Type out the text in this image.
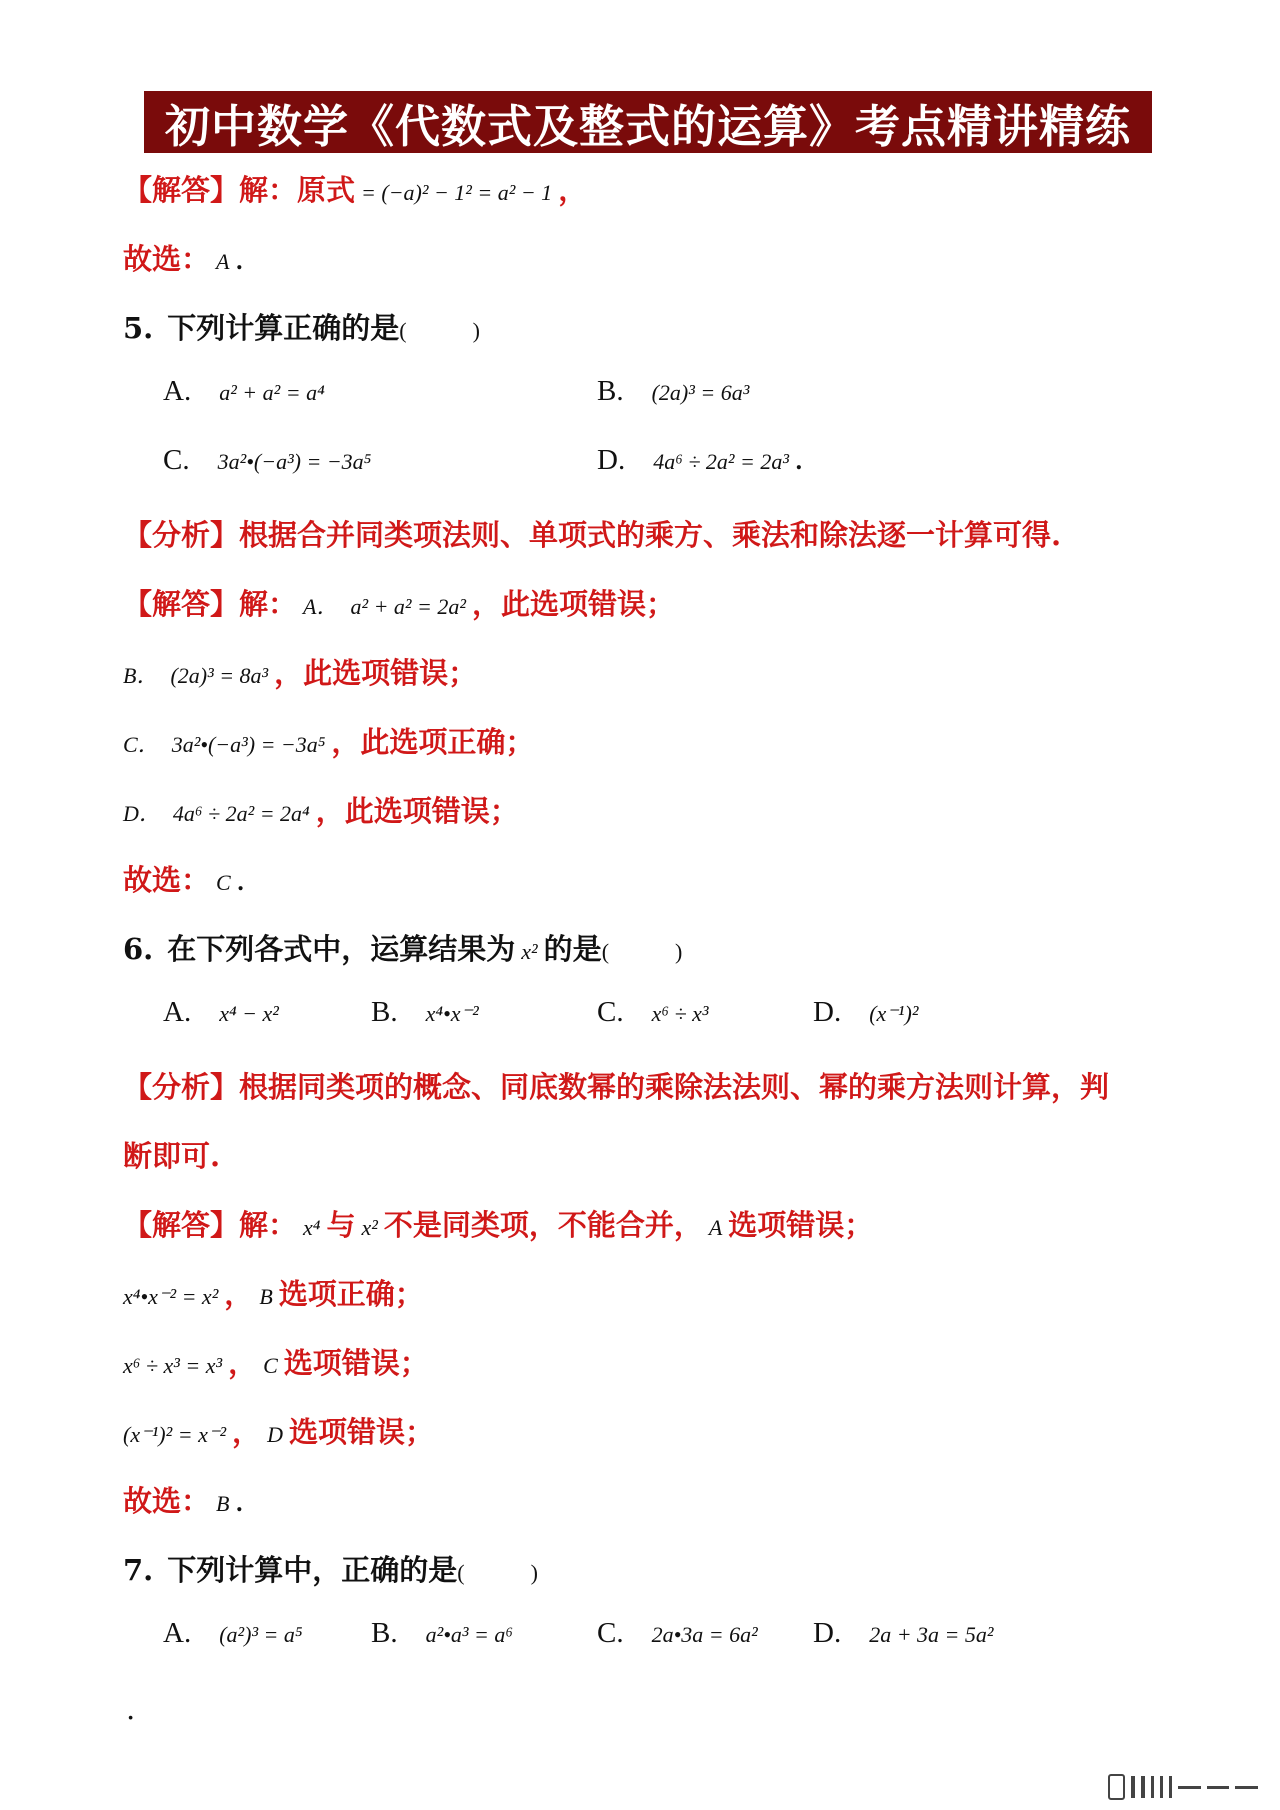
初中数学《代数式及整式的运算》考点精讲精练
【解答】解：原式 = (−a)² − 1² = a² − 1 ，
故选： A .
5. 下列计算正确的是 (　　　)
A. a² + a² = a⁴	B. (2a)³ = 6a³
C. 3a²•(−a³) = −3a⁵	D. 4a⁶ ÷ 2a² = 2a³ .
【分析】根据合并同类项法则、单项式的乘方、乘法和除法逐一计算可得.
【解答】解： A． a² + a² = 2a² ，此选项错误；
B． (2a)³ = 8a³ ，此选项错误；
C． 3a²•(−a³) = −3a⁵ ，此选项正确；
D． 4a⁶ ÷ 2a² = 2a⁴ ，此选项错误；
故选： C .
6. 在下列各式中，运算结果为 x² 的是 (　　　)
A. x⁴ − x²	B. x⁴•x⁻²	C. x⁶ ÷ x³	D. (x⁻¹)²
【分析】根据同类项的概念、同底数幂的乘除法法则、幂的乘方法则计算，判
断即可.
【解答】解： x⁴ 与 x² 不是同类项，不能合并， A 选项错误；
x⁴•x⁻² = x² ， B 选项正确；
x⁶ ÷ x³ = x³ ， C 选项错误；
(x⁻¹)² = x⁻² ， D 选项错误；
故选： B .
7. 下列计算中，正确的是 (　　　)
A. (a²)³ = a⁵ B. a²•a³ = a⁶	C. 2a•3a = 6a² D. 2a + 3a = 5a²
.
